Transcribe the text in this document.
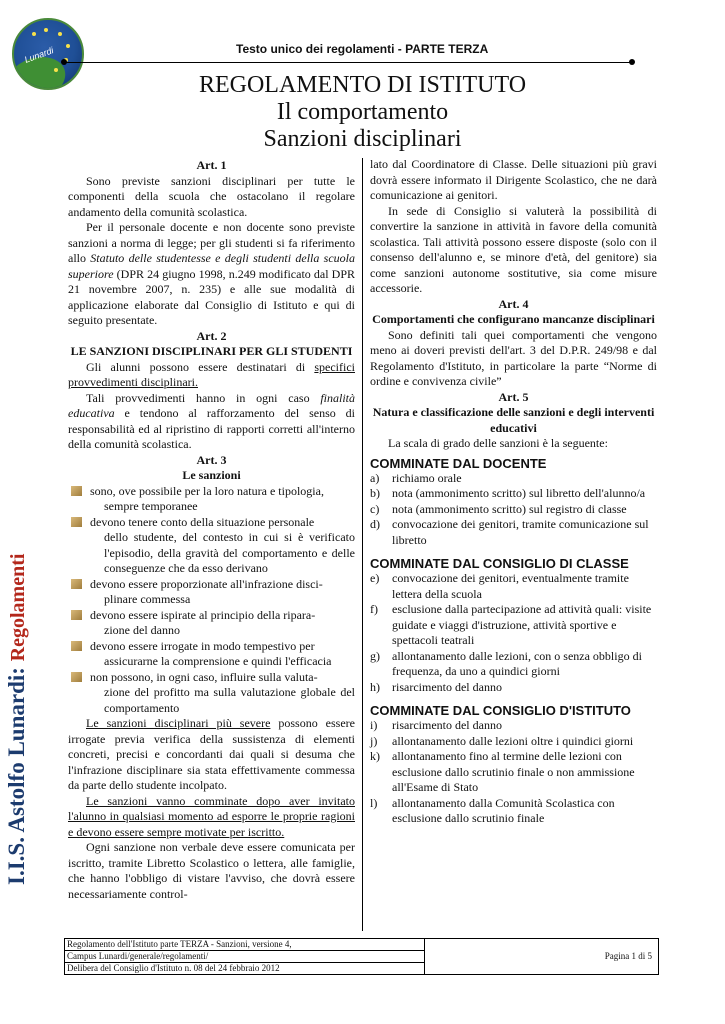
Lunardi	Testo unico dei regolamenti - PARTE TERZA
REGOLAMENTO DI ISTITUTO
Il comportamento
Sanzioni disciplinari
I.I.S. Astolfo Lunardi: Regolamenti

Art. 1

Sono previste sanzioni disciplinari per tutte le componenti della scuola che ostacolano il regolare andamento della comunità scolastica.

Per il personale docente e non docente sono previste sanzioni a norma di legge; per gli studenti si fa riferimento allo Statuto delle studentesse e degli studenti della scuola superiore (DPR 24 giugno 1998, n.249 modificato dal DPR 21 novembre 2007, n. 235) e alle sue modalità di applicazione elaborate dal Consiglio di Istituto e qui di seguito presentate.

Art. 2

LE SANZIONI DISCIPLINARI PER GLI STUDENTI

Gli alunni possono essere destinatari di specifici provvedimenti disciplinari.

Tali provvedimenti hanno in ogni caso finalità educativa e tendono al rafforzamento del senso di responsabilità ed al ripristino di rapporti corretti all'interno della comunità scolastica.

Art. 3

Le sanzioni

sono, ove possibile per la loro natura e tipologia,
sempre temporanee
devono tenere conto della situazione personale
dello studente, del contesto in cui si è verificato l'episodio, della gravità del comportamento e delle conseguenze che da esso derivano
devono essere proporzionate all'infrazione disci-
plinare commessa
devono essere ispirate al principio della ripara-
zione del danno
devono essere irrogate in modo tempestivo per
assicurarne la comprensione e quindi l'efficacia
non possono, in ogni caso, influire sulla valuta-
zione del profitto ma sulla valutazione globale del comportamento

Le sanzioni disciplinari più severe possono essere irrogate previa verifica della sussistenza di elementi concreti, precisi e concordanti dai quali si desuma che l'infrazione disciplinare sia stata effettivamente commessa da parte dello studente incolpato.

Le sanzioni vanno comminate dopo aver invitato l'alunno in qualsiasi momento ad esporre le proprie ragioni e devono essere sempre motivate per iscritto.

Ogni sanzione non verbale deve essere comunicata per iscritto, tramite Libretto Scolastico o lettera, alle famiglie, che hanno l'obbligo di vistare l'avviso, che dovrà essere necessariamente control-

lato dal Coordinatore di Classe. Delle situazioni più gravi dovrà essere informato il Dirigente Scolastico, che ne darà comunicazione ai genitori.

In sede di Consiglio si valuterà la possibilità di convertire la sanzione in attività in favore della comunità scolastica. Tali attività possono essere disposte (solo con il consenso dell'alunno e, se minore d'età, del genitore) sia come sanzioni autonome sostitutive, sia come misure accessorie.

Art. 4

Comportamenti che configurano mancanze disciplinari

Sono definiti tali quei comportamenti che vengono meno ai doveri previsti dell'art. 3 del D.P.R. 249/98 e dal Regolamento d'Istituto, in particolare la parte “Norme di ordine e convivenza civile”

Art. 5

Natura e classificazione delle sanzioni e degli interventi educativi

La scala di grado delle sanzioni è la seguente:

COMMINATE DAL DOCENTE

a)	richiamo orale
b)	nota (ammonimento scritto) sul libretto dell'alunno/a
c)	nota (ammonimento scritto) sul registro di classe
d)	convocazione dei genitori, tramite comunicazione sul libretto

COMMINATE DAL CONSIGLIO DI CLASSE

e)	convocazione dei genitori, eventualmente tramite lettera della scuola
f)	esclusione dalla partecipazione ad attività quali: visite guidate e viaggi d'istruzione, attività sportive e spettacoli teatrali
g)	allontanamento dalle lezioni, con o senza obbligo di frequenza, da uno a quindici giorni
h)	risarcimento del danno

COMMINATE DAL CONSIGLIO D'ISTITUTO

i)	risarcimento del danno
j)	allontanamento dalle lezioni oltre i quindici giorni
k)	allontanamento fino al termine delle lezioni con esclusione dallo scrutinio finale o non ammissione all'Esame di Stato
l)	allontanamento dalla Comunità Scolastica con esclusione dallo scrutinio finale
Regolamento dell'Istituto parte TERZA - Sanzioni, versione 4,	Pagina 1 di 5
Campus Lunardi/generale/regolamenti/
Delibera del Consiglio d'Istituto n. 08 del 24 febbraio 2012
